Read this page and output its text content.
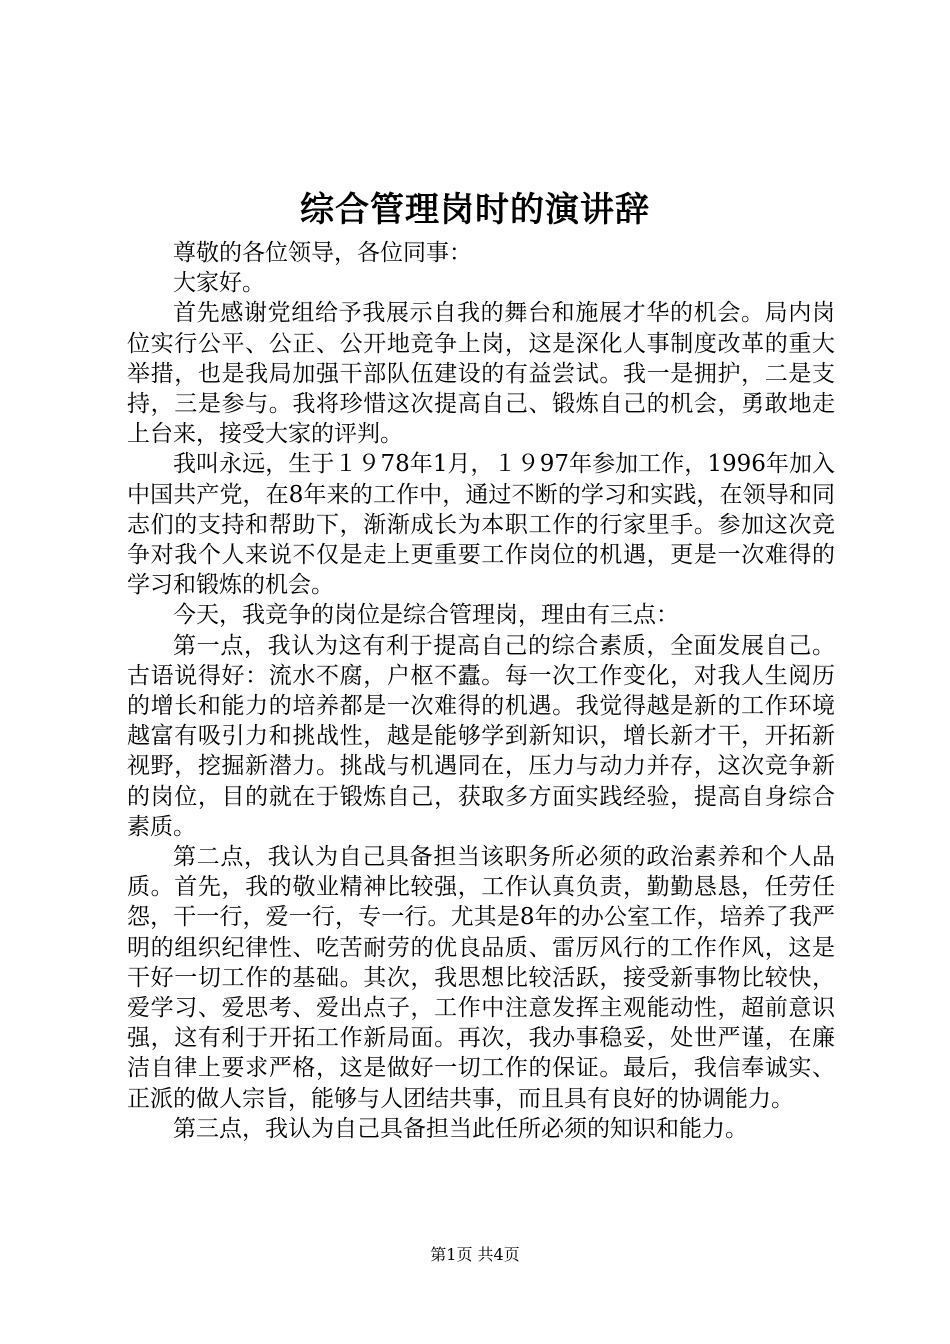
综合管理岗时的演讲辞

尊敬的各位领导，各位同事：

大家好。

首先感谢党组给予我展示自我的舞台和施展才华的机会。局内岗位实行公平、公正、公开地竞争上岗，这是深化人事制度改革的重大举措，也是我局加强干部队伍建设的有益尝试。我一是拥护，二是支持，三是参与。我将珍惜这次提高自己、锻炼自己的机会，勇敢地走上台来，接受大家的评判。

我叫永远，生于１９78年1月，１９97年参加工作，1996年加入中国共产党，在8年来的工作中，通过不断的学习和实践，在领导和同志们的支持和帮助下，渐渐成长为本职工作的行家里手。参加这次竞争对我个人来说不仅是走上更重要工作岗位的机遇，更是一次难得的学习和锻炼的机会。

今天，我竞争的岗位是综合管理岗，理由有三点：

第一点，我认为这有利于提高自己的综合素质，全面发展自己。古语说得好：流水不腐，户枢不蠹。每一次工作变化，对我人生阅历的增长和能力的培养都是一次难得的机遇。我觉得越是新的工作环境越富有吸引力和挑战性，越是能够学到新知识，增长新才干，开拓新视野，挖掘新潜力。挑战与机遇同在，压力与动力并存，这次竞争新的岗位，目的就在于锻炼自己，获取多方面实践经验，提高自身综合素质。

第二点，我认为自己具备担当该职务所必须的政治素养和个人品质。首先，我的敬业精神比较强，工作认真负责，勤勤恳恳，任劳任怨，干一行，爱一行，专一行。尤其是8年的办公室工作，培养了我严明的组织纪律性、吃苦耐劳的优良品质、雷厉风行的工作作风，这是干好一切工作的基础。其次，我思想比较活跃，接受新事物比较快，爱学习、爱思考、爱出点子，工作中注意发挥主观能动性，超前意识强，这有利于开拓工作新局面。再次，我办事稳妥，处世严谨，在廉洁自律上要求严格，这是做好一切工作的保证。最后，我信奉诚实、正派的做人宗旨，能够与人团结共事，而且具有良好的协调能力。

第三点，我认为自己具备担当此任所必须的知识和能力。

第1页 共4页
